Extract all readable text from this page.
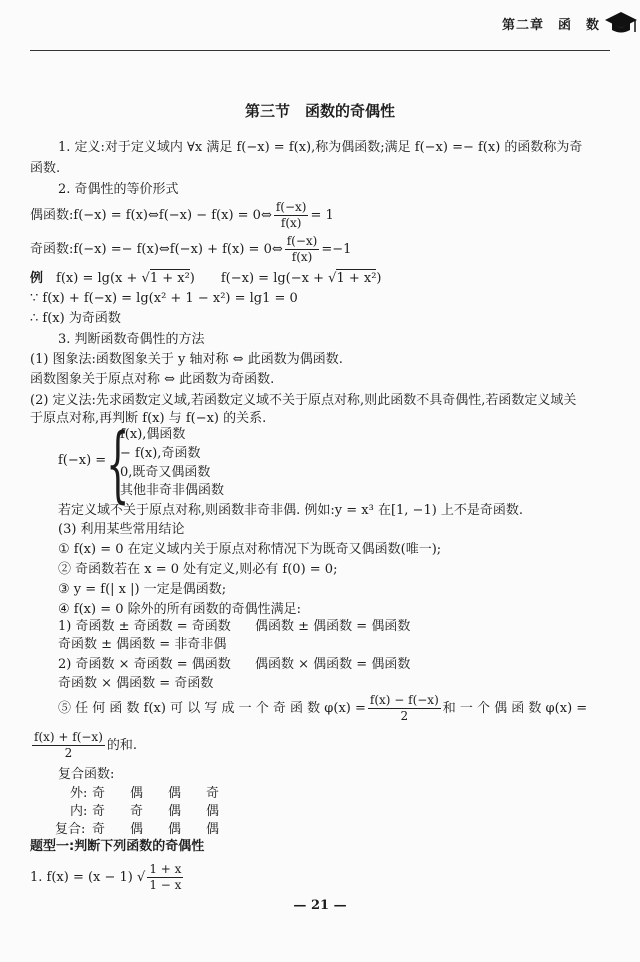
第二章　函　数
第三节　函数的奇偶性
1. 定义:对于定义域内 ∀x 满足 f(−x) = f(x),称为偶函数;满足 f(−x) =− f(x) 的函数称为奇
函数.
2. 奇偶性的等价形式
偶函数:f(−x) = f(x)⇔f(−x) − f(x) = 0⇔ $\frac{f(-x)}{f(x)} = 1$
奇函数:f(−x) =− f(x)⇔f(−x) + f(x) = 0⇔ $\frac{f(-x)}{f(x)} =-1$
例　 f(x) = lg(x + √1 + x²)　　f(−x) = lg(−x + √1 + x²)
∵ f(x) + f(−x) = lg(x² + 1 − x²) = lg1 = 0
∴ f(x) 为奇函数
3. 判断函数奇偶性的方法
(1) 图象法:函数图象关于 y 轴对称 ⇔ 此函数为偶函数.
函数图象关于原点对称 ⇔ 此函数为奇函数.
(2) 定义法:先求函数定义域,若函数定义域不关于原点对称,则此函数不具奇偶性,若函数定义域关
于原点对称,再判断 f(x) 与 f(−x) 的关系.
f(−x) = {
f(x),偶函数
− f(x),奇函数
0,既奇又偶函数
其他非奇非偶函数
若定义域不关于原点对称,则函数非奇非偶. 例如:y = x³ 在[1, −1) 上不是奇函数.
(3) 利用某些常用结论
① f(x) = 0 在定义域内关于原点对称情况下为既奇又偶函数(唯一);
② 奇函数若在 x = 0 处有定义,则必有 f(0) = 0;
③ y = f(| x |) 一定是偶函数;
④ f(x) = 0 除外的所有函数的奇偶性满足:
1) 奇函数 ± 奇函数 = 奇函数 偶函数 ± 偶函数 = 偶函数
奇函数 ± 偶函数 = 非奇非偶
2) 奇函数 × 奇函数 = 偶函数 偶函数 × 偶函数 = 偶函数
奇函数 × 偶函数 = 奇函数
⑤ 任 何 函 数 f(x) 可 以 写 成 一 个 奇 函 数 $\varphi(x) = \frac{f(x) - f(-x)}{2}$ 和 一 个 偶 函 数 φ(x) =
$\frac{f(x) + f(-x)}{2}$ 的和.
复合函数:
外: 奇 偶 偶 奇
内: 奇 奇 偶 偶
复合: 奇 偶 偶 偶
题型一:判断下列函数的奇偶性
1. f(x) = (x − 1) √ $\frac{1 + x}{1 - x}$
— 21 —
